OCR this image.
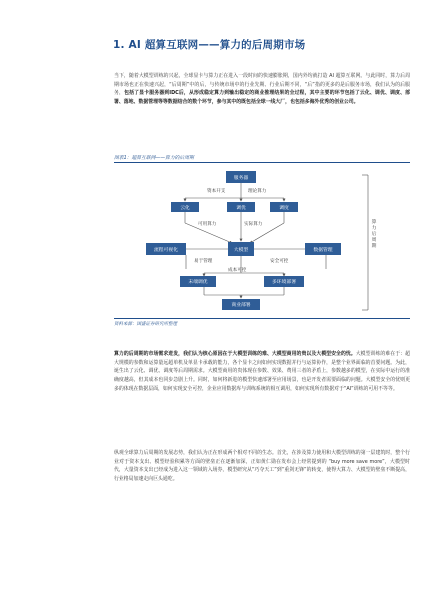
1. AI 超算互联网——算力的后周期市场

当下，随着大模型训练的兴起，全球显卡与算力正在进入一段时间的快速膨胀期，国内外均就打造 AI 超算互联网。与此同时，算力后周期市场也正在快速兴起，“后周期”中的后，与传统市场中的行业先期、行业后期不同，“后”指的更多的是后服务市场，我们认为的后服务，包括了显卡服务器到IDC后，从形成稳定算力到输出稳定的商业推理结果的全过程，其中主要的环节包括了云化、调优、调度、部署、落地、数据管理等等数据结合的数个环节，参与其中的既包括全球一线大厂，也包括多海外优秀的创业公司。

图表1：超算互联网——算力的后周期
服务器
资本开支	理论算力
云化	调优	调度
可用算力	实际算力
流程可视化	大模型	数据管理
易于管理	安全可控
成本可控
末端调优	多环境部署
商业部署
算力后周期
资料来源：国盛证券研究所整理

算力的后周期的市场需求迸发，我们认为核心原因在于大模型训练的难、大模型商用的贵以及大模型安全的忧。大模型训练的难在于：超大规模的参数和运算量远超单机及单显卡承载的能力，各个显卡之间如何实现数据并行与运算协作，是整个业界面临的首要问题。为此，诞生出了云化、调优、调度等后周期需求。大模型商用的贵体现在参数、效果、费用三者的矛盾上，参数越多的模型，在实际中运行的准确度越高，但其成本也同步急剧上升。同时，如何将新进的模型快速部署至应用场景，也是开发者需要面临的问题。大模型安全的忧则更多的体现在数据层面，如何实现安全可控，企业应用数据库与训练系统的相互调用，如何实现所有数据对于“AI”训练的可用不等等。

纵观全球算力后周期的发展态势，我们认为正在形成两个相对不同的生态。首先，在涉及算力使用和大模型训练的第一层建筑时，整个行业对于资本支出、模型经验积累等方面的壁垒正在逐渐加深，正如黄仁勋在发布会上经常提到的 “buy more save more”，大模型时代，大量资本支出已经成为进入这一领域的入场券，模型研究从“巧夺天工”到“重剑无锋”的转变，使得大算力、大模型的壁垒不断提高，行业格局加速走向巨头通吃。
